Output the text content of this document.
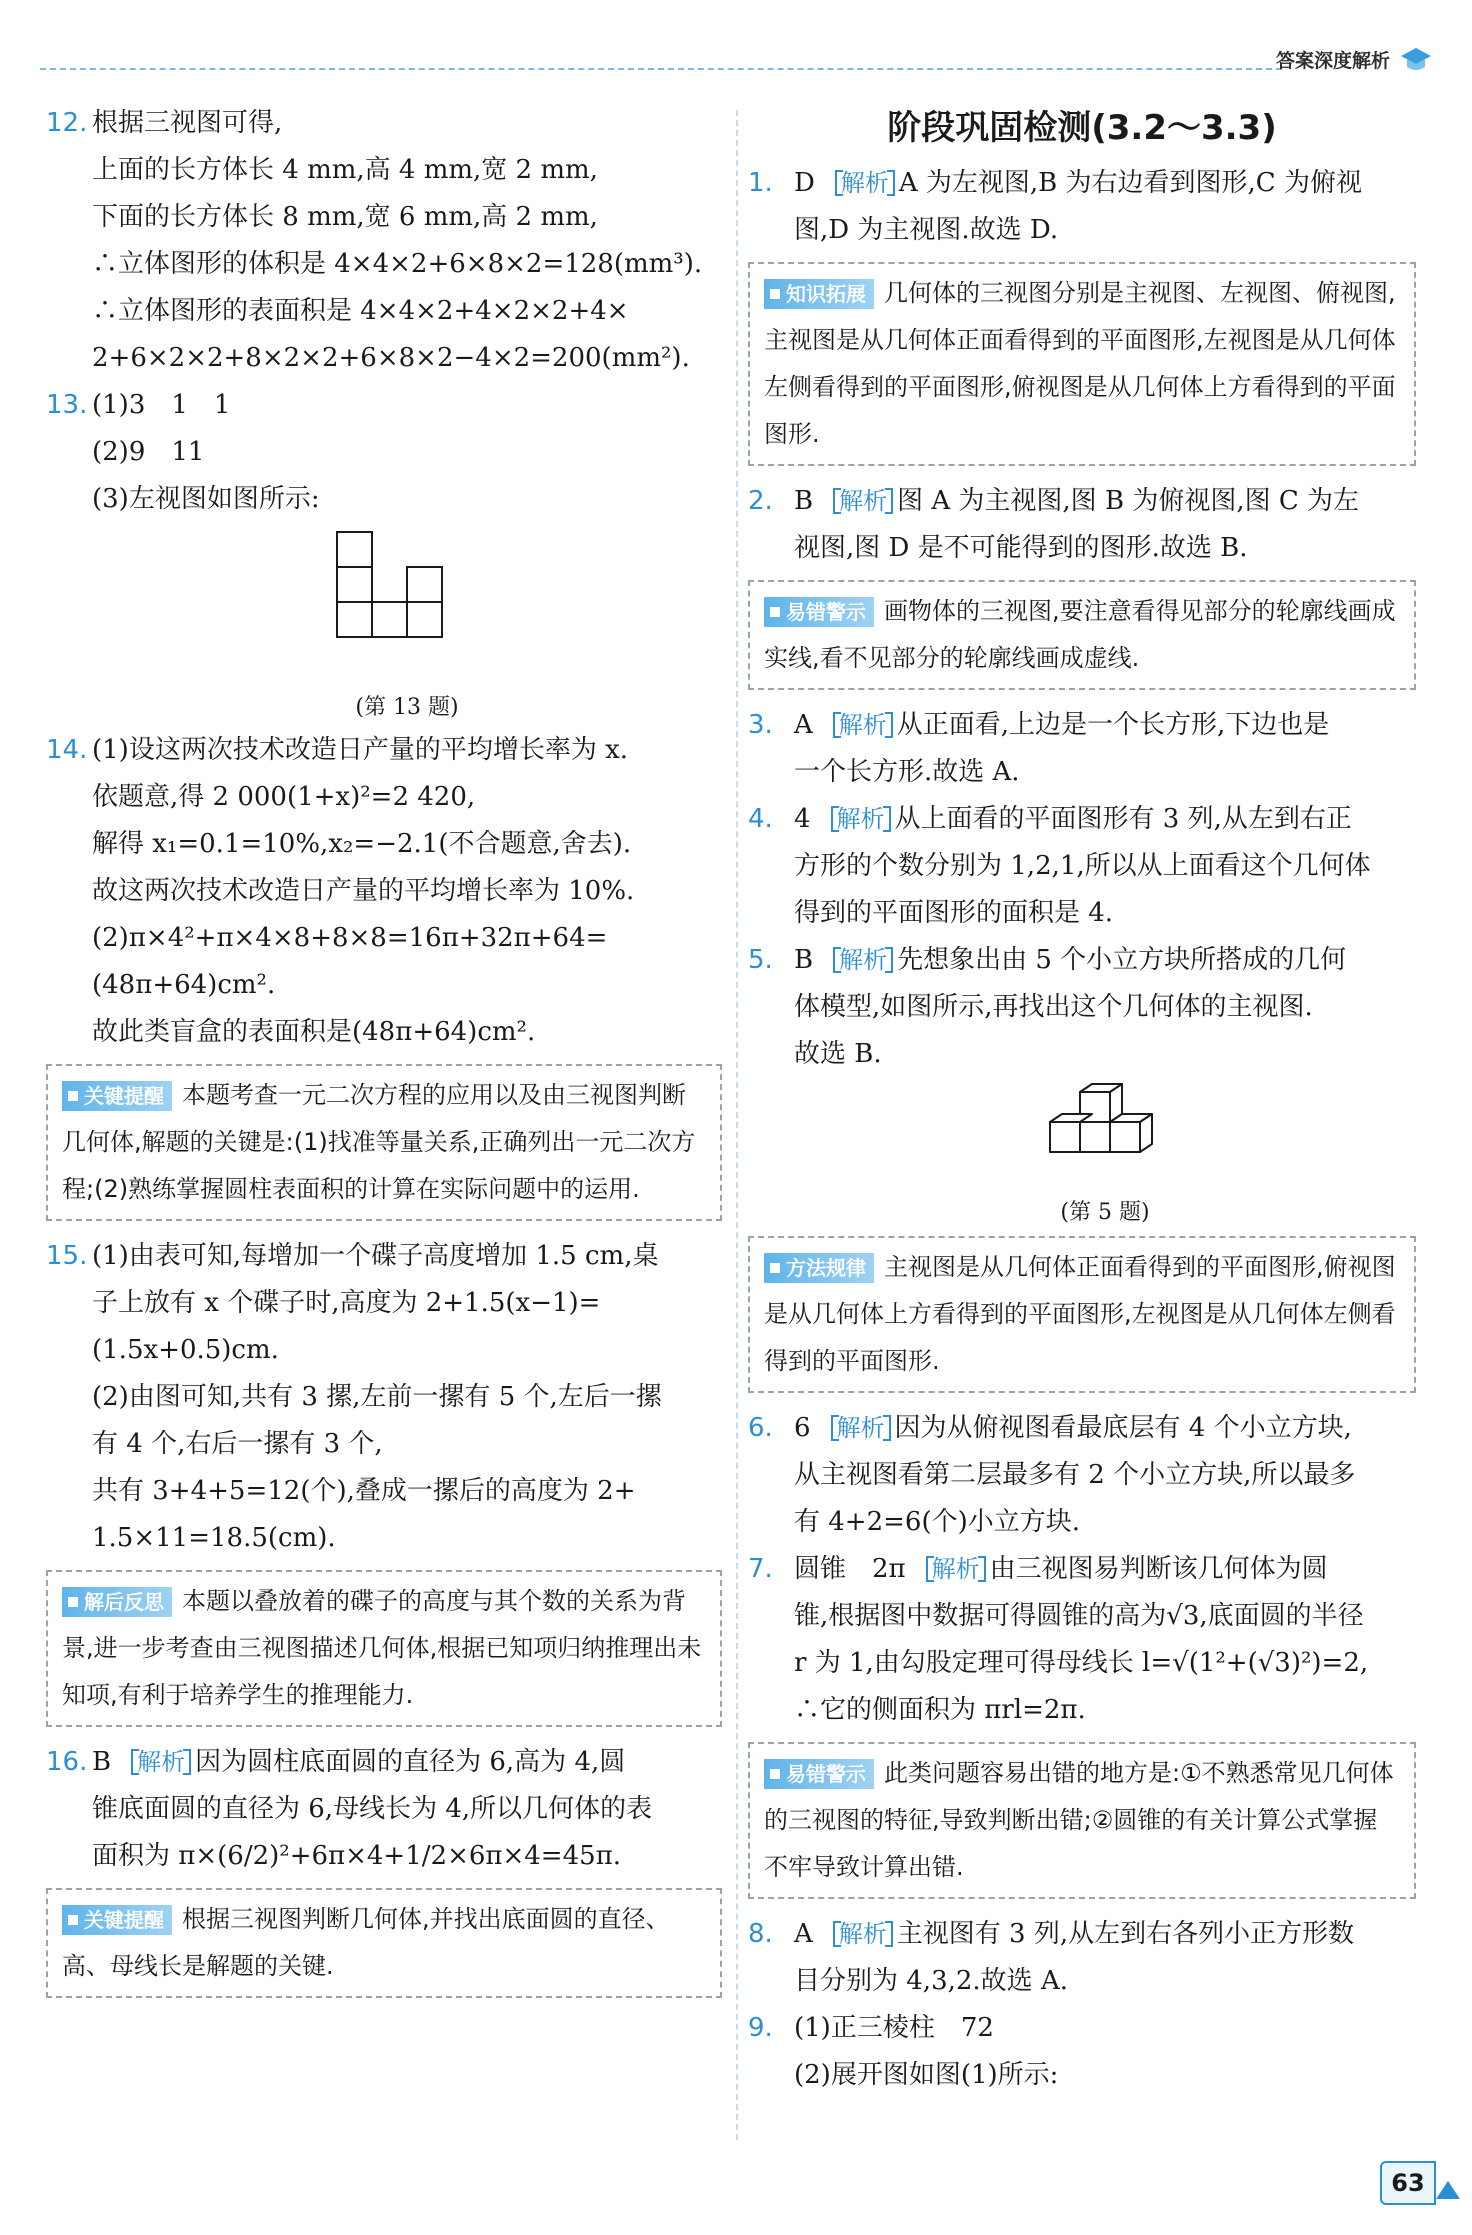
答案深度解析
12. 根据三视图可得,
上面的长方体长 4 mm,高 4 mm,宽 2 mm,
下面的长方体长 8 mm,宽 6 mm,高 2 mm,
∴立体图形的体积是 4×4×2+6×8×2=128(mm³).
∴立体图形的表面积是 4×4×2+4×2×2+4×
2+6×2×2+8×2×2+6×8×2−4×2=200(mm²).
13. (1)3　1　1
(2)9　11
(3)左视图如图所示:
(第 13 题)
14. (1)设这两次技术改造日产量的平均增长率为 x.
依题意,得 2 000(1+x)²=2 420,
解得 x₁=0.1=10%,x₂=−2.1(不合题意,舍去).
故这两次技术改造日产量的平均增长率为 10%.
(2)π×4²+π×4×8+8×8=16π+32π+64=
(48π+64)cm².
故此类盲盒的表面积是(48π+64)cm².
关键提醒 本题考查一元二次方程的应用以及由三视图判断几何体,解题的关键是:(1)找准等量关系,正确列出一元二次方程;(2)熟练掌握圆柱表面积的计算在实际问题中的运用.
15. (1)由表可知,每增加一个碟子高度增加 1.5 cm,桌
子上放有 x 个碟子时,高度为 2+1.5(x−1)=
(1.5x+0.5)cm.
(2)由图可知,共有 3 摞,左前一摞有 5 个,左后一摞
有 4 个,右后一摞有 3 个,
共有 3+4+5=12(个),叠成一摞后的高度为 2+
1.5×11=18.5(cm).
解后反思 本题以叠放着的碟子的高度与其个数的关系为背景,进一步考查由三视图描述几何体,根据已知项归纳推理出未知项,有利于培养学生的推理能力.
16. B 解析 因为圆柱底面圆的直径为 6,高为 4,圆
锥底面圆的直径为 6,母线长为 4,所以几何体的表
面积为 π×(6/2)²+6π×4+1/2×6π×4=45π.
关键提醒 根据三视图判断几何体,并找出底面圆的直径、高、母线长是解题的关键.
阶段巩固检测(3.2～3.3)
1. D 解析 A 为左视图,B 为右边看到图形,C 为俯视
图,D 为主视图.故选 D.
知识拓展 几何体的三视图分别是主视图、左视图、俯视图,主视图是从几何体正面看得到的平面图形,左视图是从几何体左侧看得到的平面图形,俯视图是从几何体上方看得到的平面图形.
2. B 解析 图 A 为主视图,图 B 为俯视图,图 C 为左
视图,图 D 是不可能得到的图形.故选 B.
易错警示 画物体的三视图,要注意看得见部分的轮廓线画成实线,看不见部分的轮廓线画成虚线.
3. A 解析 从正面看,上边是一个长方形,下边也是
一个长方形.故选 A.
4. 4 解析 从上面看的平面图形有 3 列,从左到右正
方形的个数分别为 1,2,1,所以从上面看这个几何体
得到的平面图形的面积是 4.
5. B 解析 先想象出由 5 个小立方块所搭成的几何
体模型,如图所示,再找出这个几何体的主视图.
故选 B.
(第 5 题)
方法规律 主视图是从几何体正面看得到的平面图形,俯视图是从几何体上方看得到的平面图形,左视图是从几何体左侧看得到的平面图形.
6. 6 解析 因为从俯视图看最底层有 4 个小立方块,
从主视图看第二层最多有 2 个小立方块,所以最多
有 4+2=6(个)小立方块.
7. 圆锥　2π 解析 由三视图易判断该几何体为圆
锥,根据图中数据可得圆锥的高为√3,底面圆的半径
r 为 1,由勾股定理可得母线长 l=√(1²+(√3)²)=2,
∴它的侧面积为 πrl=2π.
易错警示 此类问题容易出错的地方是:①不熟悉常见几何体的三视图的特征,导致判断出错;②圆锥的有关计算公式掌握不牢导致计算出错.
8. A 解析 主视图有 3 列,从左到右各列小正方形数
目分别为 4,3,2.故选 A.
9. (1)正三棱柱　72
(2)展开图如图(1)所示:
63
